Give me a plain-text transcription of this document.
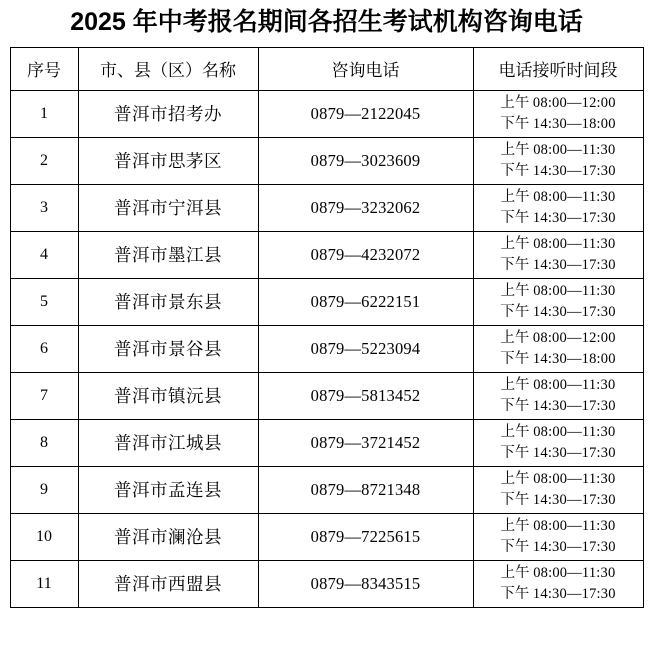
2025 年中考报名期间各招生考试机构咨询电话
序号	市、县（区）名称	咨询电话	电话接听时间段
1	普洱市招考办	0879—2122045	上午 08:00—12:00
下午 14:30—18:00

2	普洱市思茅区	0879—3023609	上午 08:00—11:30
下午 14:30—17:30

3	普洱市宁洱县	0879—3232062	上午 08:00—11:30
下午 14:30—17:30

4	普洱市墨江县	0879—4232072	上午 08:00—11:30
下午 14:30—17:30

5	普洱市景东县	0879—6222151	上午 08:00—11:30
下午 14:30—17:30

6	普洱市景谷县	0879—5223094	上午 08:00—12:00
下午 14:30—18:00

7	普洱市镇沅县	0879—5813452	上午 08:00—11:30
下午 14:30—17:30

8	普洱市江城县	0879—3721452	上午 08:00—11:30
下午 14:30—17:30

9	普洱市孟连县	0879—8721348	上午 08:00—11:30
下午 14:30—17:30

10	普洱市澜沧县	0879—7225615	上午 08:00—11:30
下午 14:30—17:30

11	普洱市西盟县	0879—8343515	上午 08:00—11:30
下午 14:30—17:30
